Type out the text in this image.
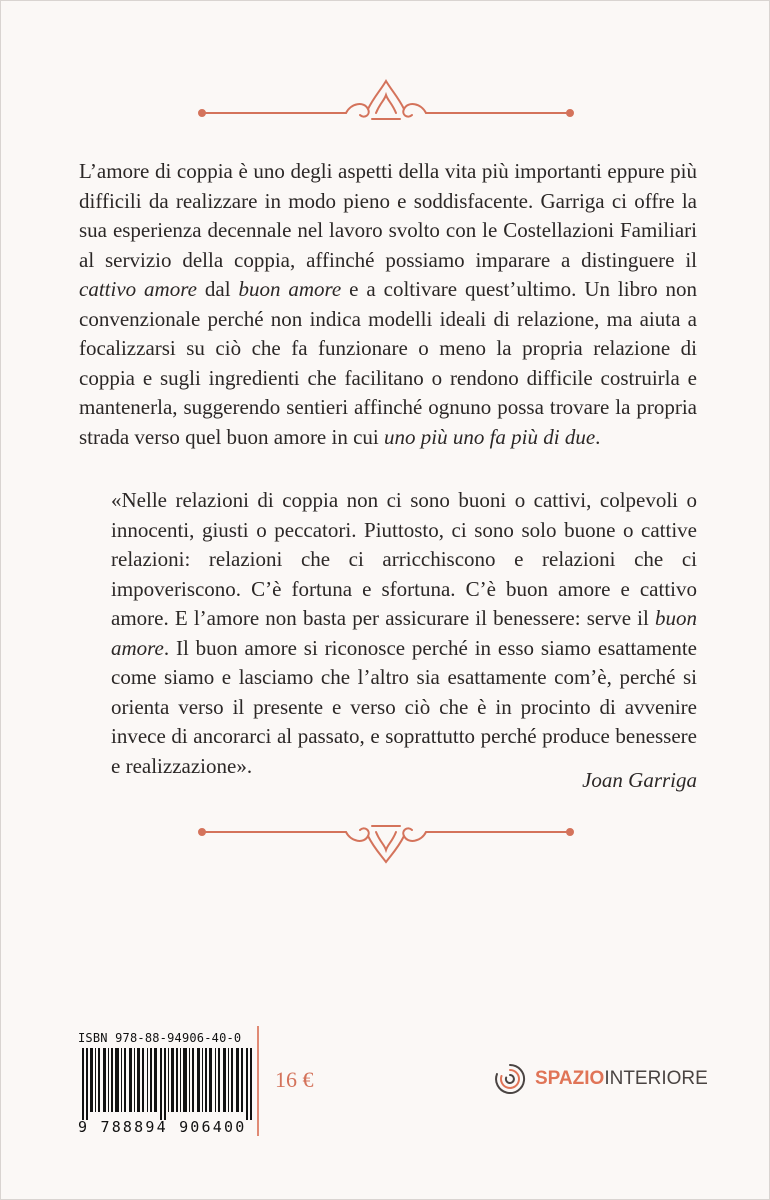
L’amore di coppia è uno degli aspetti della vita più importanti eppure più difficili da realizzare in modo pieno e soddisfacente. Garriga ci offre la sua esperienza decennale nel lavoro svolto con le Costellazioni Familiari al servizio della coppia, affinché possiamo imparare a distinguere il cattivo amore dal buon amore e a coltivare quest’ultimo. Un libro non convenzionale perché non indica modelli ideali di relazione, ma aiuta a focalizzarsi su ciò che fa funzionare o meno la propria relazione di coppia e sugli ingredienti che facilitano o rendono difficile costruirla e mantenerla, suggerendo sentieri affinché ognuno possa trovare la propria strada verso quel buon amore in cui uno più uno fa più di due.
«Nelle relazioni di coppia non ci sono buoni o cattivi, colpevoli o innocenti, giusti o peccatori. Piuttosto, ci sono solo buone o cattive relazioni: relazioni che ci arricchiscono e relazioni che ci impoveriscono. C’è fortuna e sfortuna. C’è buon amore e cattivo amore. E l’amore non basta per assicurare il benessere: serve il buon amore. Il buon amore si riconosce perché in esso siamo esattamente come siamo e lasciamo che l’altro sia esattamente com’è, perché si orienta verso il presente e verso ciò che è in procinto di avvenire invece di ancorarci al passato, e soprattutto perché produce benessere e realizzazione».
Joan Garriga
ISBN 978-88-94906-40-0
9 788894 906400
16 €	SPAZIOINTERIORE
